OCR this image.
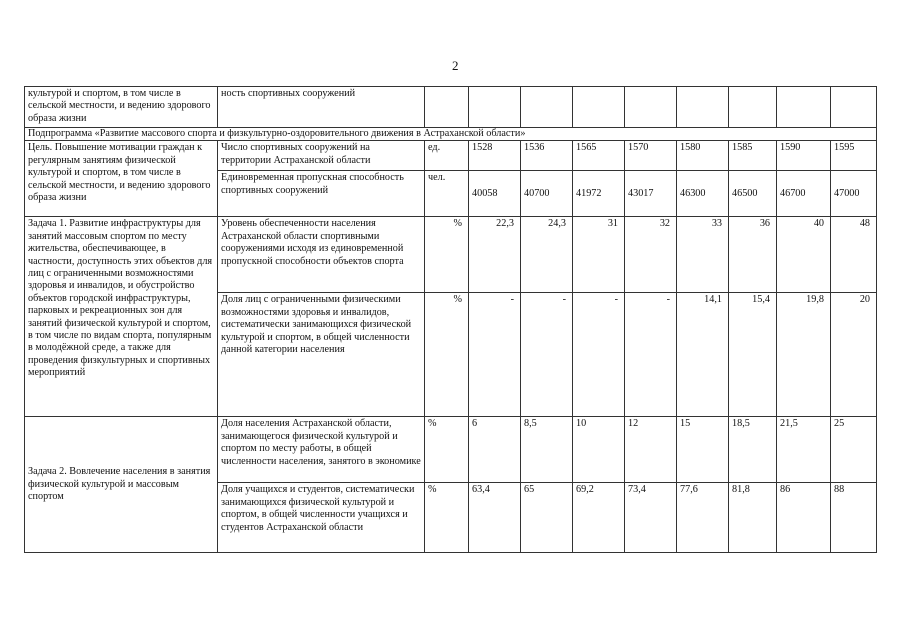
2
культурой и спортом, в том числе в сельской местности, и ведению здорового образа жизни	ность спортивных сооружений									
Подпрограмма «Развитие массового спорта и физкультурно-оздоровительного движения в Астраханской области»										
Цель. Повышение мотивации граждан к регулярным занятиям физической культурой и спортом, в том числе в сельской местности, и ведению здорового образа жизни	Число спортивных сооружений на территории Астраханской области	ед.	1528	1536	1565	1570	1580	1585	1590	1595
	Единовременная пропускная способность спортивных сооружений	чел.	40058	40700	41972	43017	46300	46500	46700	47000
Задача 1. Развитие инфраструктуры для занятий массовым спортом по месту жительства, обеспечивающее, в частности, доступность этих объектов для лиц с ограниченными возможностями здоровья и инвалидов, и обустройство объектов городской инфраструктуры, парковых и рекреационных зон для занятий физической культурой и спортом, в том числе по видам спорта, популярным в молодёжной среде, а также для проведения физкультурных и спортивных мероприятий	Уровень обеспеченности населения Астраханской области спортивными сооружениями исходя из единовременной пропускной способности объектов спорта	%	22,3	24,3	31	32	33	36	40	48
	Доля лиц с ограниченными физическими возможностями здоровья и инвалидов, систематически занимающихся физической культурой и спортом, в общей численности данной категории населения	%	-	-	-	-	14,1	15,4	19,8	20
Задача 2. Вовлечение населения в занятия физической культурой и массовым спортом	Доля населения Астраханской области, занимающегося физической культурой и спортом по месту работы, в общей численности населения, занятого в экономике	%	6	8,5	10	12	15	18,5	21,5	25
	Доля учащихся и студентов, систематически занимающихся физической культурой и спортом, в общей численности учащихся и студентов Астраханской области	%	63,4	65	69,2	73,4	77,6	81,8	86	88
